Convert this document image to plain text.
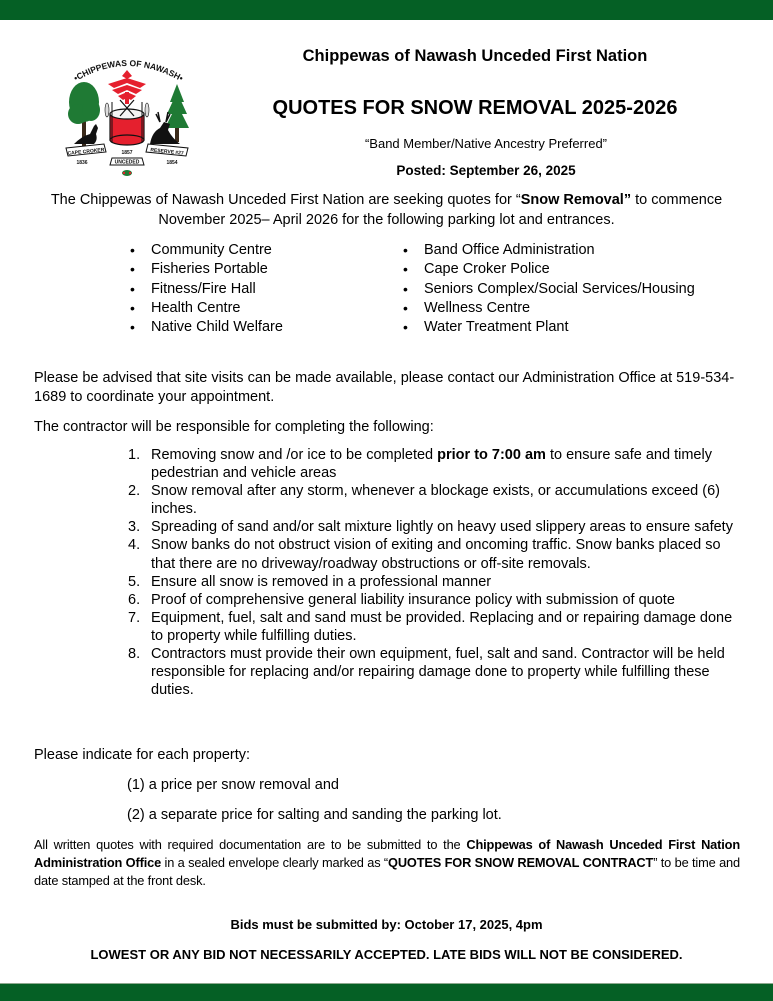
•CHIPPEWAS OF NAWASH•
CAPE CROKER	RESERVE #27
UNCEDED
1857
1836	1854
Chippewas of Nawash Unceded First Nation
QUOTES FOR SNOW REMOVAL 2025-2026
“Band Member/Native Ancestry Preferred”
Posted: September 26, 2025
The Chippewas of Nawash Unceded First Nation are seeking quotes for “Snow Removal” to commence November 2025– April 2026 for the following parking lot and entrances.
• Community Centre
• Fisheries Portable
• Fitness/Fire Hall
• Health Centre
• Native Child Welfare
• Band Office Administration
• Cape Croker Police
• Seniors Complex/Social Services/Housing
• Wellness Centre
• Water Treatment Plant
Please be advised that site visits can be made available, please contact our Administration Office at 519-534-1689 to coordinate your appointment.
The contractor will be responsible for completing the following:
1. Removing snow and /or ice to be completed prior to 7:00 am to ensure safe and timely pedestrian and vehicle areas
2. Snow removal after any storm, whenever a blockage exists, or accumulations exceed (6) inches.
3. Spreading of sand and/or salt mixture lightly on heavy used slippery areas to ensure safety
4. Snow banks do not obstruct vision of exiting and oncoming traffic. Snow banks placed so that there are no driveway/roadway obstructions or off-site removals.
5. Ensure all snow is removed in a professional manner
6. Proof of comprehensive general liability insurance policy with submission of quote
7. Equipment, fuel, salt and sand must be provided. Replacing and or repairing damage done to property while fulfilling duties.
8. Contractors must provide their own equipment, fuel, salt and sand. Contractor will be held responsible for replacing and/or repairing damage done to property while fulfilling these duties.
Please indicate for each property:
(1) a price per snow removal and
(2) a separate price for salting and sanding the parking lot.
All written quotes with required documentation are to be submitted to the Chippewas of Nawash Unceded First Nation Administration Office in a sealed envelope clearly marked as “QUOTES FOR SNOW REMOVAL CONTRACT” to be time and date stamped at the front desk.
Bids must be submitted by: October 17, 2025, 4pm
LOWEST OR ANY BID NOT NECESSARILY ACCEPTED. LATE BIDS WILL NOT BE CONSIDERED.
